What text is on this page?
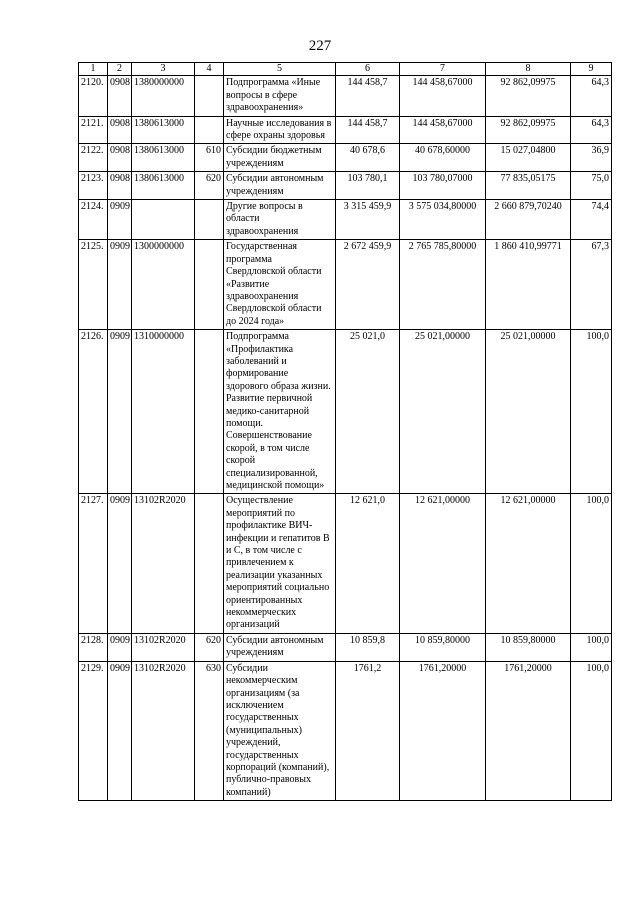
227
1	2	3	4	5	6	7	8	9
2120.	0908	1380000000		Подпрограмма «Иные вопросы в сфере здравоохранения»	144 458,7	144 458,67000	92 862,09975	64,3
2121.	0908	1380613000		Научные исследования в сфере охраны здоровья	144 458,7	144 458,67000	92 862,09975	64,3
2122.	0908	1380613000	610	Субсидии бюджетным учреждениям	40 678,6	40 678,60000	15 027,04800	36,9
2123.	0908	1380613000	620	Субсидии автономным учреждениям	103 780,1	103 780,07000	77 835,05175	75,0
2124.	0909			Другие вопросы в области здравоохранения	3 315 459,9	3 575 034,80000	2 660 879,70240	74,4
2125.	0909	1300000000		Государственная программа Свердловской области «Развитие здравоохранения Свердловской области до 2024 года»	2 672 459,9	2 765 785,80000	1 860 410,99771	67,3
2126.	0909	1310000000		Подпрограмма «Профилактика заболеваний и формирование здорового образа жизни. Развитие первичной медико-санитарной помощи. Совершенствование скорой, в том числе скорой специализированной, медицинской помощи»	25 021,0	25 021,00000	25 021,00000	100,0
2127.	0909	13102R2020		Осуществление мероприятий по профилактике ВИЧ-инфекции и гепатитов В и С, в том числе с привлечением к реализации указанных мероприятий социально ориентированных некоммерческих организаций	12 621,0	12 621,00000	12 621,00000	100,0
2128.	0909	13102R2020	620	Субсидии автономным учреждениям	10 859,8	10 859,80000	10 859,80000	100,0
2129.	0909	13102R2020	630	Субсидии некоммерческим организациям (за исключением государственных (муниципальных) учреждений, государственных корпораций (компаний), публично-правовых компаний)	1761,2	1761,20000	1761,20000	100,0
